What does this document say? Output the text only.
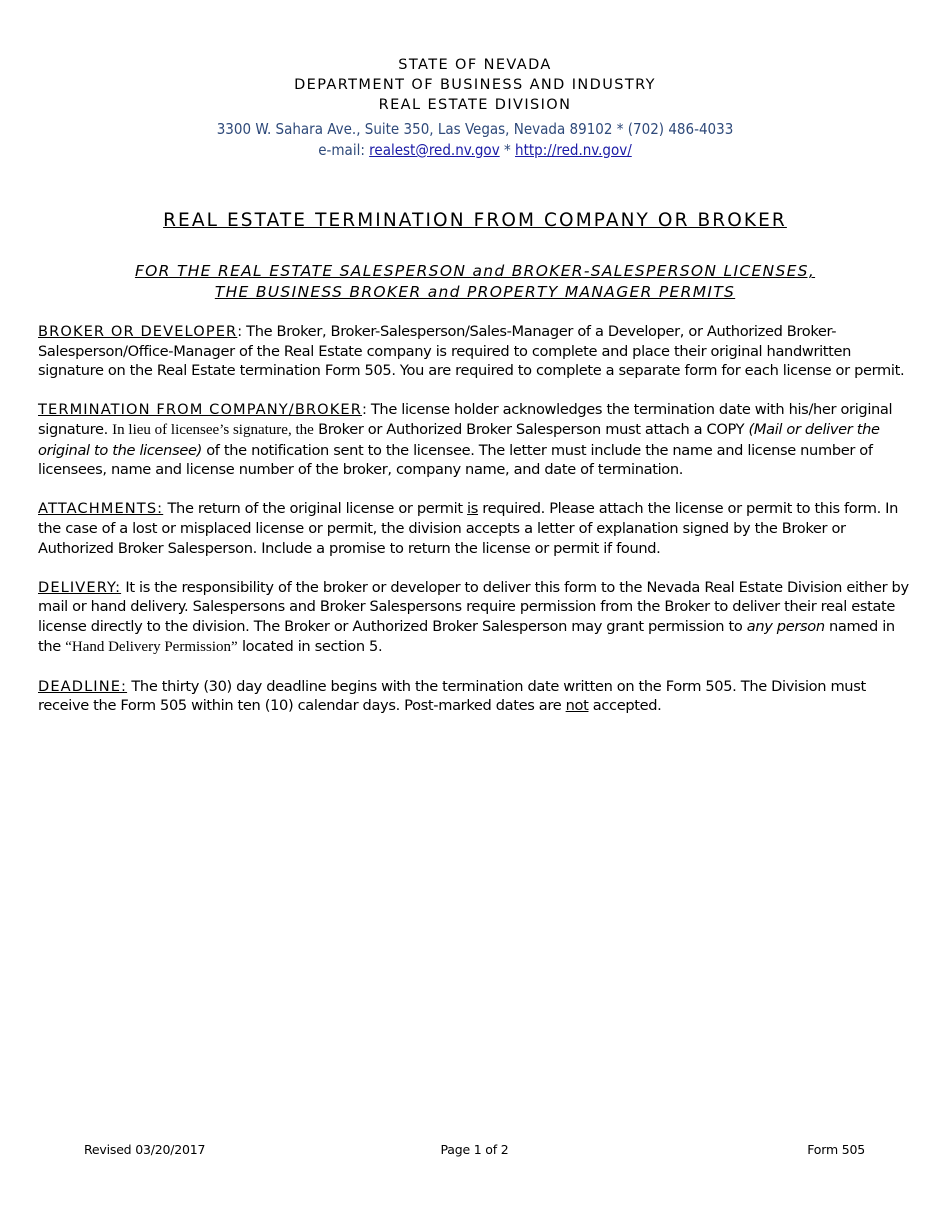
STATE OF NEVADA
DEPARTMENT OF BUSINESS AND INDUSTRY
REAL ESTATE DIVISION
3300 W. Sahara Ave., Suite 350, Las Vegas, Nevada 89102 * (702) 486-4033
e-mail: realest@red.nv.gov * http://red.nv.gov/
REAL ESTATE TERMINATION FROM COMPANY OR BROKER
FOR THE REAL ESTATE SALESPERSON and BROKER-SALESPERSON LICENSES,
THE BUSINESS BROKER and PROPERTY MANAGER PERMITS

BROKER OR DEVELOPER: The Broker, Broker-Salesperson/Sales-Manager of a Developer, or Authorized Broker-Salesperson/Office-Manager of the Real Estate company is required to complete and place their original handwritten signature on the Real Estate termination Form 505. You are required to complete a separate form for each license or permit.

TERMINATION FROM COMPANY/BROKER: The license holder acknowledges the termination date with his/her original signature. In lieu of licensee’s signature, the Broker or Authorized Broker Salesperson must attach a COPY (Mail or deliver the original to the licensee) of the notification sent to the licensee. The letter must include the name and license number of licensees, name and license number of the broker, company name, and date of termination.

ATTACHMENTS: The return of the original license or permit is required. Please attach the license or permit to this form. In the case of a lost or misplaced license or permit, the division accepts a letter of explanation signed by the Broker or Authorized Broker Salesperson. Include a promise to return the license or permit if found.

DELIVERY: It is the responsibility of the broker or developer to deliver this form to the Nevada Real Estate Division either by mail or hand delivery. Salespersons and Broker Salespersons require permission from the Broker to deliver their real estate license directly to the division. The Broker or Authorized Broker Salesperson may grant permission to any person named in the “Hand Delivery Permission” located in section 5.

DEADLINE: The thirty (30) day deadline begins with the termination date written on the Form 505. The Division must receive the Form 505 within ten (10) calendar days. Post-marked dates are not accepted.

Revised 03/20/2017	Page 1 of 2	Form 505
